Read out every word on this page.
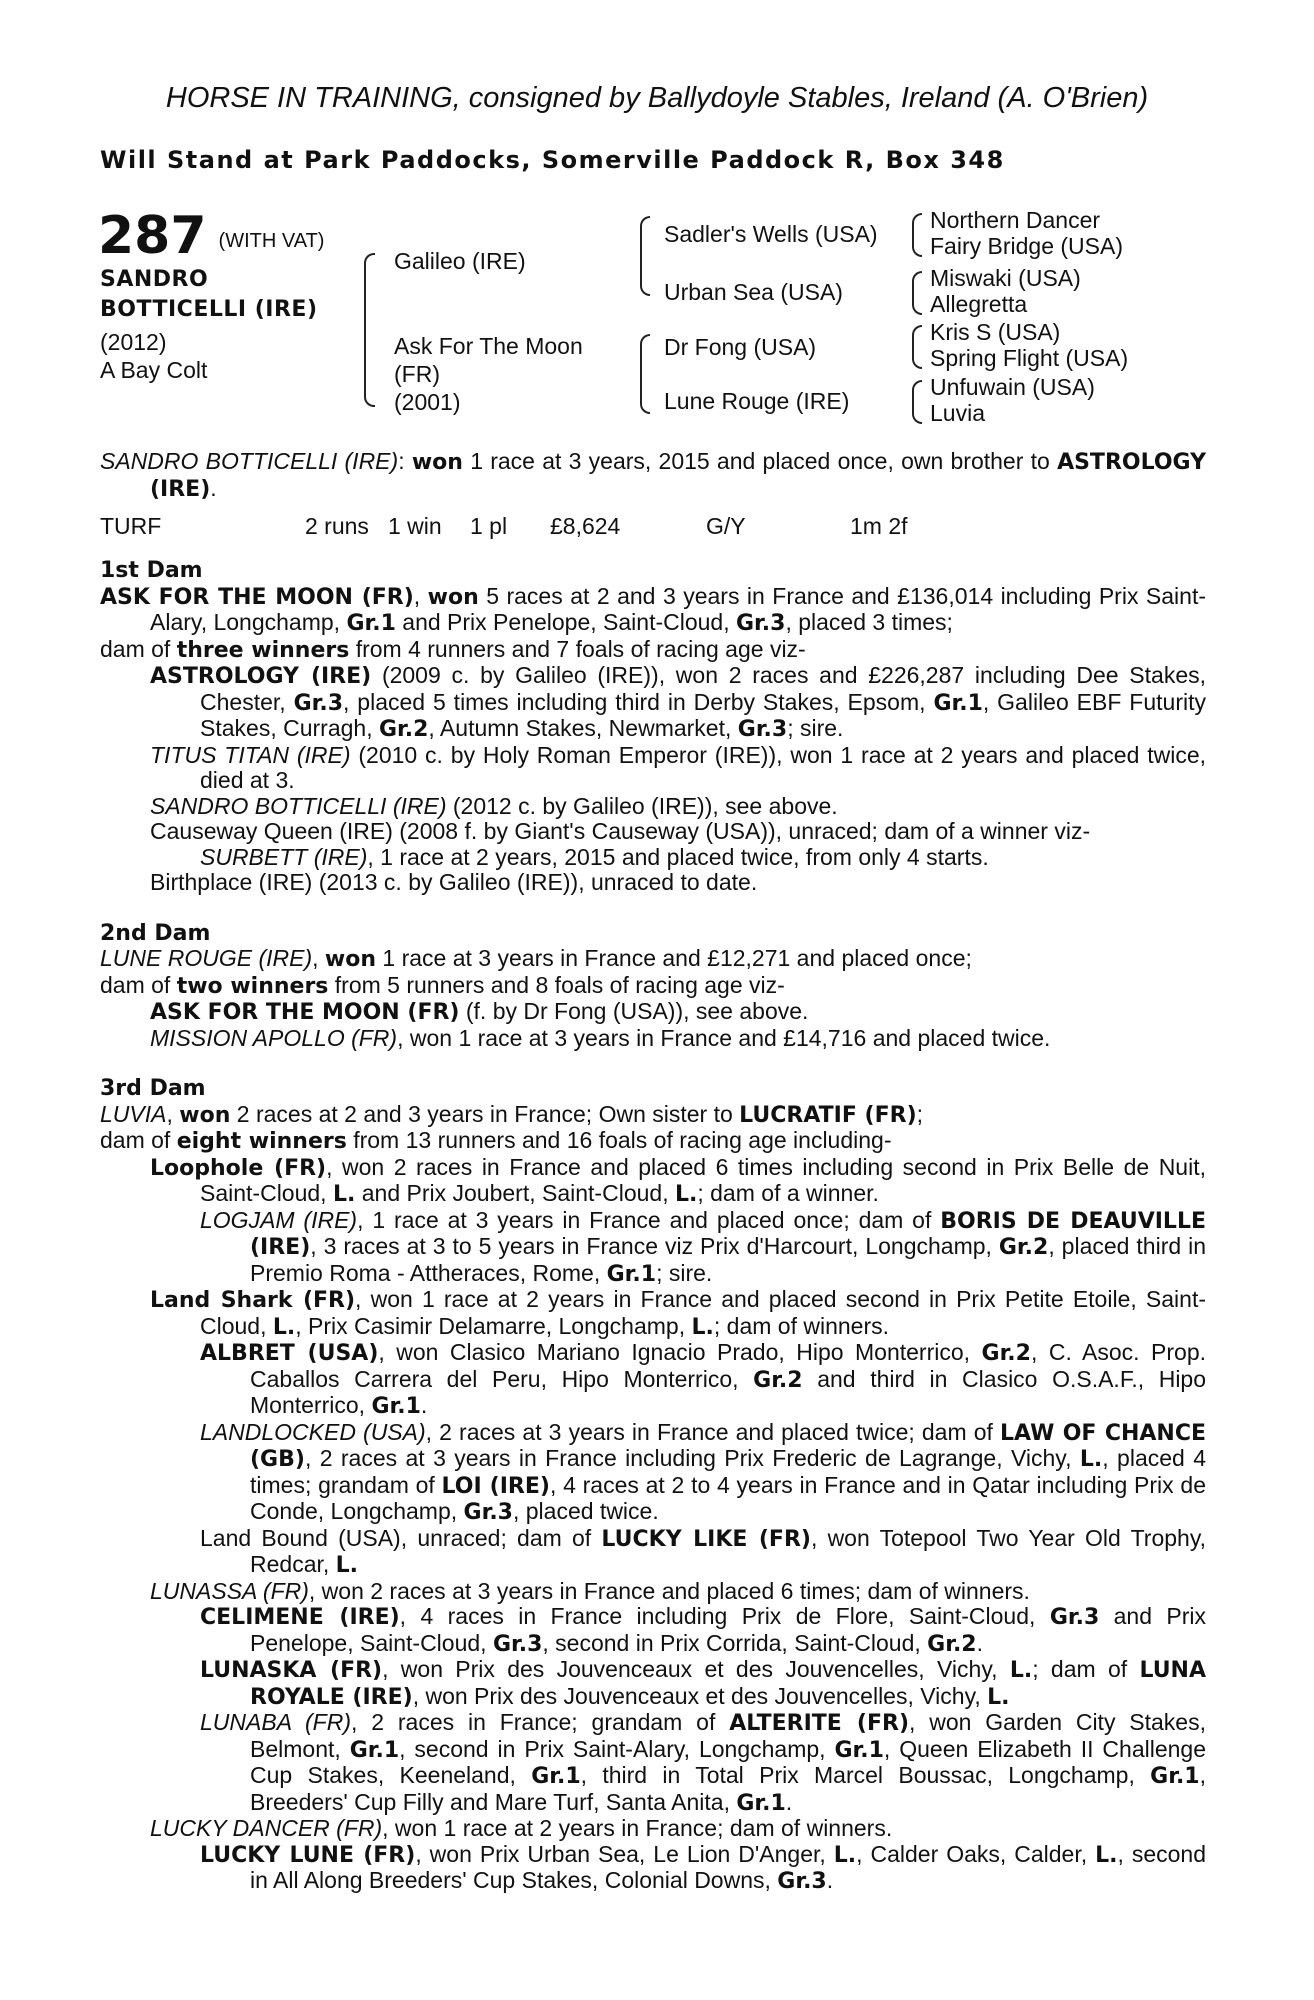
HORSE IN TRAINING, consigned by Ballydoyle Stables, Ireland (A. O'Brien)
Will Stand at Park Paddocks, Somerville Paddock R, Box 348
287 (WITH VAT)
SANDRO
BOTTICELLI (IRE)
(2012)
A Bay Colt
Galileo (IRE)
Ask For The Moon
(FR)
(2001)
Sadler's Wells (USA)
Urban Sea (USA)
Dr Fong (USA)
Lune Rouge (IRE)
Northern Dancer
Fairy Bridge (USA)
Miswaki (USA)
Allegretta
Kris S (USA)
Spring Flight (USA)
Unfuwain (USA)
Luvia

SANDRO BOTTICELLI (IRE): won 1 race at 3 years, 2015 and placed once, own brother to ASTROLOGY (IRE).

TURF	2 runs 1 win 1 pl £8,624	G/Y	1m 2f

1st Dam

ASK FOR THE MOON (FR), won 5 races at 2 and 3 years in France and £136,014 including Prix Saint-Alary, Longchamp, Gr.1 and Prix Penelope, Saint-Cloud, Gr.3, placed 3 times;

dam of three winners from 4 runners and 7 foals of racing age viz-

ASTROLOGY (IRE) (2009 c. by Galileo (IRE)), won 2 races and £226,287 including Dee Stakes, Chester, Gr.3, placed 5 times including third in Derby Stakes, Epsom, Gr.1, Galileo EBF Futurity Stakes, Curragh, Gr.2, Autumn Stakes, Newmarket, Gr.3; sire.

TITUS TITAN (IRE) (2010 c. by Holy Roman Emperor (IRE)), won 1 race at 2 years and placed twice, died at 3.

SANDRO BOTTICELLI (IRE) (2012 c. by Galileo (IRE)), see above.

Causeway Queen (IRE) (2008 f. by Giant's Causeway (USA)), unraced; dam of a winner viz-

SURBETT (IRE), 1 race at 2 years, 2015 and placed twice, from only 4 starts.

Birthplace (IRE) (2013 c. by Galileo (IRE)), unraced to date.

2nd Dam

LUNE ROUGE (IRE), won 1 race at 3 years in France and £12,271 and placed once;

dam of two winners from 5 runners and 8 foals of racing age viz-

ASK FOR THE MOON (FR) (f. by Dr Fong (USA)), see above.

MISSION APOLLO (FR), won 1 race at 3 years in France and £14,716 and placed twice.

3rd Dam

LUVIA, won 2 races at 2 and 3 years in France; Own sister to LUCRATIF (FR);

dam of eight winners from 13 runners and 16 foals of racing age including-

Loophole (FR), won 2 races in France and placed 6 times including second in Prix Belle de Nuit, Saint-Cloud, L. and Prix Joubert, Saint-Cloud, L.; dam of a winner.

LOGJAM (IRE), 1 race at 3 years in France and placed once; dam of BORIS DE DEAUVILLE (IRE), 3 races at 3 to 5 years in France viz Prix d'Harcourt, Longchamp, Gr.2, placed third in Premio Roma - Attheraces, Rome, Gr.1; sire.

Land Shark (FR), won 1 race at 2 years in France and placed second in Prix Petite Etoile, Saint-Cloud, L., Prix Casimir Delamarre, Longchamp, L.; dam of winners.

ALBRET (USA), won Clasico Mariano Ignacio Prado, Hipo Monterrico, Gr.2, C. Asoc. Prop. Caballos Carrera del Peru, Hipo Monterrico, Gr.2 and third in Clasico O.S.A.F., Hipo Monterrico, Gr.1.

LANDLOCKED (USA), 2 races at 3 years in France and placed twice; dam of LAW OF CHANCE (GB), 2 races at 3 years in France including Prix Frederic de Lagrange, Vichy, L., placed 4 times; grandam of LOI (IRE), 4 races at 2 to 4 years in France and in Qatar including Prix de Conde, Longchamp, Gr.3, placed twice.

Land Bound (USA), unraced; dam of LUCKY LIKE (FR), won Totepool Two Year Old Trophy, Redcar, L.

LUNASSA (FR), won 2 races at 3 years in France and placed 6 times; dam of winners.

CELIMENE (IRE), 4 races in France including Prix de Flore, Saint-Cloud, Gr.3 and Prix Penelope, Saint-Cloud, Gr.3, second in Prix Corrida, Saint-Cloud, Gr.2.

LUNASKA (FR), won Prix des Jouvenceaux et des Jouvencelles, Vichy, L.; dam of LUNA ROYALE (IRE), won Prix des Jouvenceaux et des Jouvencelles, Vichy, L.

LUNABA (FR), 2 races in France; grandam of ALTERITE (FR), won Garden City Stakes, Belmont, Gr.1, second in Prix Saint-Alary, Longchamp, Gr.1, Queen Elizabeth II Challenge Cup Stakes, Keeneland, Gr.1, third in Total Prix Marcel Boussac, Longchamp, Gr.1, Breeders' Cup Filly and Mare Turf, Santa Anita, Gr.1.

LUCKY DANCER (FR), won 1 race at 2 years in France; dam of winners.

LUCKY LUNE (FR), won Prix Urban Sea, Le Lion D'Anger, L., Calder Oaks, Calder, L., second in All Along Breeders' Cup Stakes, Colonial Downs, Gr.3.
